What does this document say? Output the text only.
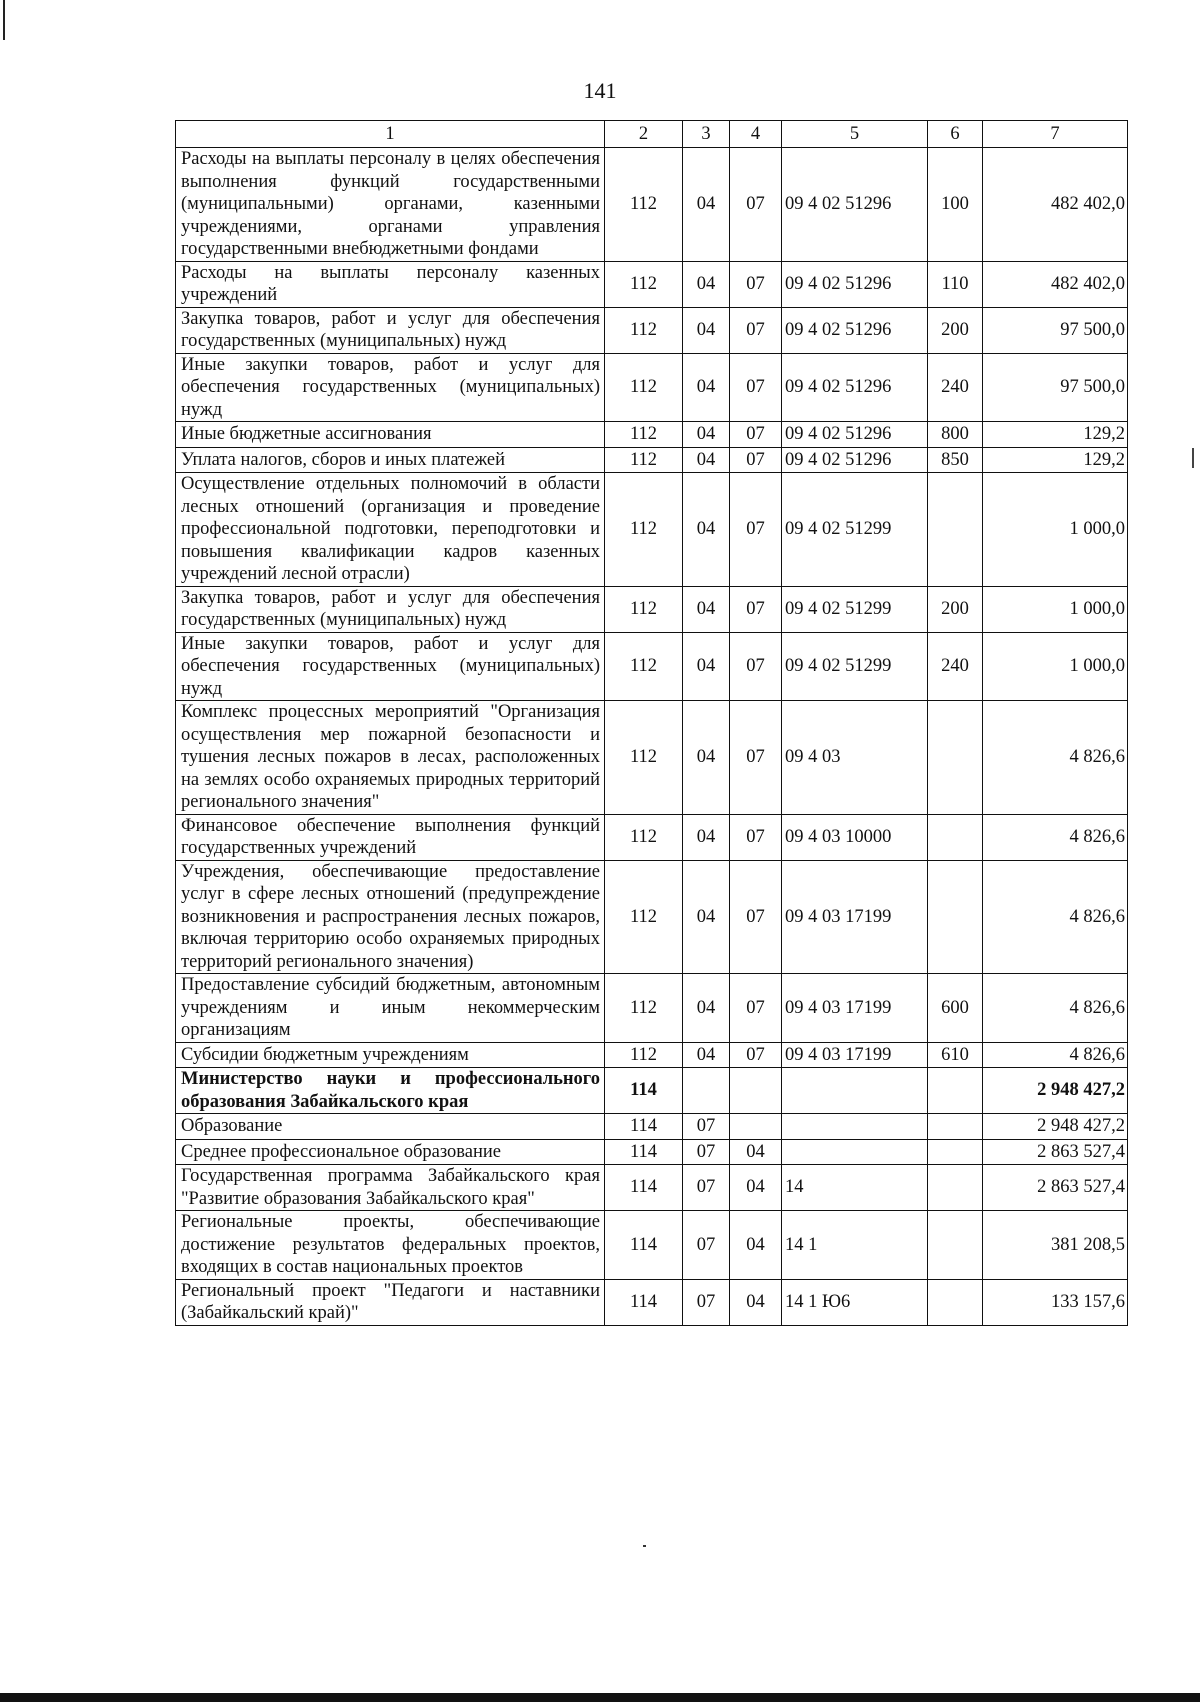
141
1	2	3	4	5	6	7
Расходы на выплаты персоналу в целях обеспечения выполнения функций государственными (муниципальными) органами, казенными учреждениями, органами управления государственными внебюджетными фондами	112	04	07	09 4 02 51296	100	482 402,0
Расходы на выплаты персоналу казенных учреждений	112	04	07	09 4 02 51296	110	482 402,0
Закупка товаров, работ и услуг для обеспечения государственных (муниципальных) нужд	112	04	07	09 4 02 51296	200	97 500,0
Иные закупки товаров, работ и услуг для обеспечения государственных (муниципальных) нужд	112	04	07	09 4 02 51296	240	97 500,0
Иные бюджетные ассигнования	112	04	07	09 4 02 51296	800	129,2
Уплата налогов, сборов и иных платежей	112	04	07	09 4 02 51296	850	129,2
Осуществление отдельных полномочий в области лесных отношений (организация и проведение профессиональной подготовки, переподготовки и повышения квалификации кадров казенных учреждений лесной отрасли)	112	04	07	09 4 02 51299		1 000,0
Закупка товаров, работ и услуг для обеспечения государственных (муниципальных) нужд	112	04	07	09 4 02 51299	200	1 000,0
Иные закупки товаров, работ и услуг для обеспечения государственных (муниципальных) нужд	112	04	07	09 4 02 51299	240	1 000,0
Комплекс процессных мероприятий "Организация осуществления мер пожарной безопасности и тушения лесных пожаров в лесах, расположенных на землях особо охраняемых природных территорий регионального значения"	112	04	07	09 4 03		4 826,6
Финансовое обеспечение выполнения функций государственных учреждений	112	04	07	09 4 03 10000		4 826,6
Учреждения, обеспечивающие предоставление услуг в сфере лесных отношений (предупреждение возникновения и распространения лесных пожаров, включая территорию особо охраняемых природных территорий регионального значения)	112	04	07	09 4 03 17199		4 826,6
Предоставление субсидий бюджетным, автономным учреждениям и иным некоммерческим организациям	112	04	07	09 4 03 17199	600	4 826,6
Субсидии бюджетным учреждениям	112	04	07	09 4 03 17199	610	4 826,6
Министерство науки и профессионального образования Забайкальского края	114					2 948 427,2
Образование	114	07				2 948 427,2
Среднее профессиональное образование	114	07	04			2 863 527,4
Государственная программа Забайкальского края "Развитие образования Забайкальского края"	114	07	04	14		2 863 527,4
Региональные проекты, обеспечивающие достижение результатов федеральных проектов, входящих в состав национальных проектов	114	07	04	14 1		381 208,5
Региональный проект "Педагоги и наставники (Забайкальский край)"	114	07	04	14 1 Ю6		133 157,6
